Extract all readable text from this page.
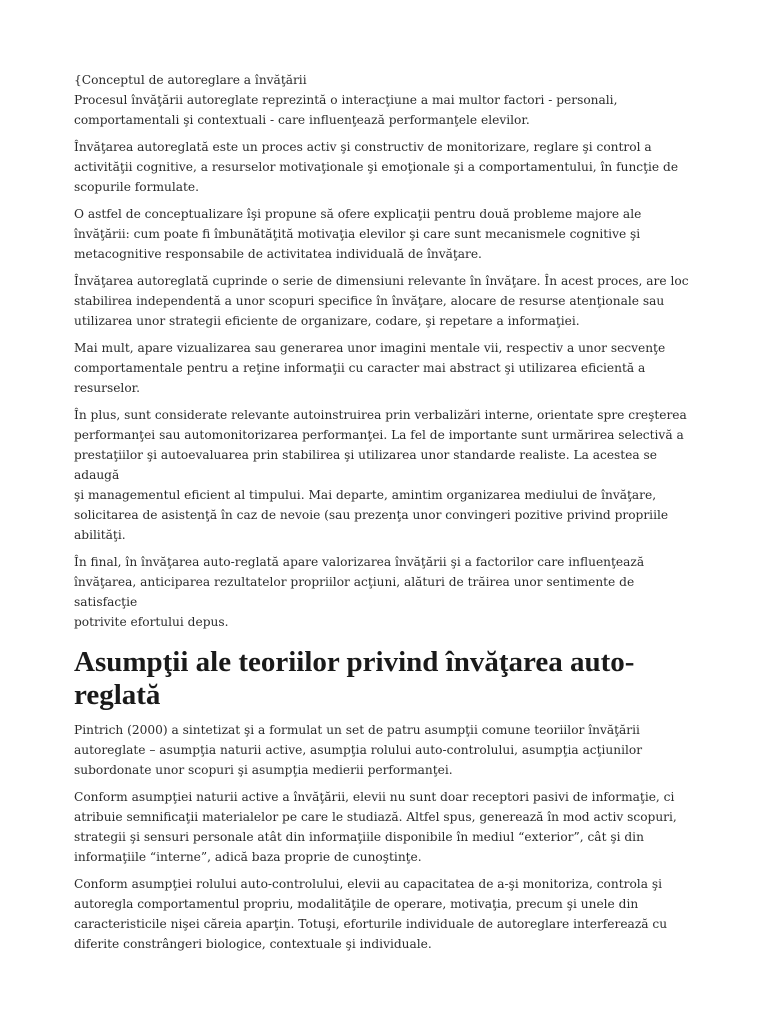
{Conceptul de autoreglare a învăţării
Procesul învăţării autoreglate reprezintă o interacţiune a mai multor factori - personali,
comportamentali şi contextuali - care influenţează performanţele elevilor.

Învăţarea autoreglată este un proces activ şi constructiv de monitorizare, reglare şi control a
activităţii cognitive, a resurselor motivaţionale şi emoţionale şi a comportamentului, în funcţie de
scopurile formulate.

O astfel de conceptualizare îşi propune să ofere explicaţii pentru două probleme majore ale
învăţării: cum poate fi îmbunătăţită motivaţia elevilor şi care sunt mecanismele cognitive şi
metacognitive responsabile de activitatea individuală de învăţare.

Învăţarea autoreglată cuprinde o serie de dimensiuni relevante în învăţare. În acest proces, are loc
stabilirea independentă a unor scopuri specifice în învăţare, alocare de resurse atenţionale sau
utilizarea unor strategii eficiente de organizare, codare, şi repetare a informaţiei.

Mai mult, apare vizualizarea sau generarea unor imagini mentale vii, respectiv a unor secvenţe
comportamentale pentru a reţine informaţii cu caracter mai abstract şi utilizarea eficientă a
resurselor.

În plus, sunt considerate relevante autoinstruirea prin verbalizări interne, orientate spre creşterea
performanţei sau automonitorizarea performanţei. La fel de importante sunt urmărirea selectivă a
prestaţiilor şi autoevaluarea prin stabilirea şi utilizarea unor standarde realiste. La acestea se adaugă
şi managementul eficient al timpului. Mai departe, amintim organizarea mediului de învăţare,
solicitarea de asistenţă în caz de nevoie (sau prezenţa unor convingeri pozitive privind propriile
abilităţi.

În final, în învăţarea auto-reglată apare valorizarea învăţării şi a factorilor care influenţează
învăţarea, anticiparea rezultatelor propriilor acţiuni, alături de trăirea unor sentimente de satisfacţie
potrivite efortului depus.

Asumpţii ale teoriilor privind învăţarea auto-
reglată

Pintrich (2000) a sintetizat şi a formulat un set de patru asumpţii comune teoriilor învăţării
autoreglate – asumpţia naturii active, asumpţia rolului auto-controlului, asumpţia acţiunilor
subordonate unor scopuri şi asumpţia medierii performanţei.

Conform asumpţiei naturii active a învăţării, elevii nu sunt doar receptori pasivi de informaţie, ci
atribuie semnificaţii materialelor pe care le studiază. Altfel spus, generează în mod activ scopuri,
strategii şi sensuri personale atât din informaţiile disponibile în mediul “exterior”, cât şi din
informaţiile “interne”, adică baza proprie de cunoştinţe.

Conform asumpţiei rolului auto-controlului, elevii au capacitatea de a-şi monitoriza, controla şi
autoregla comportamentul propriu, modalităţile de operare, motivaţia, precum şi unele din
caracteristicile nişei căreia aparţin. Totuşi, eforturile individuale de autoreglare interferează cu
diferite constrângeri biologice, contextuale şi individuale.
